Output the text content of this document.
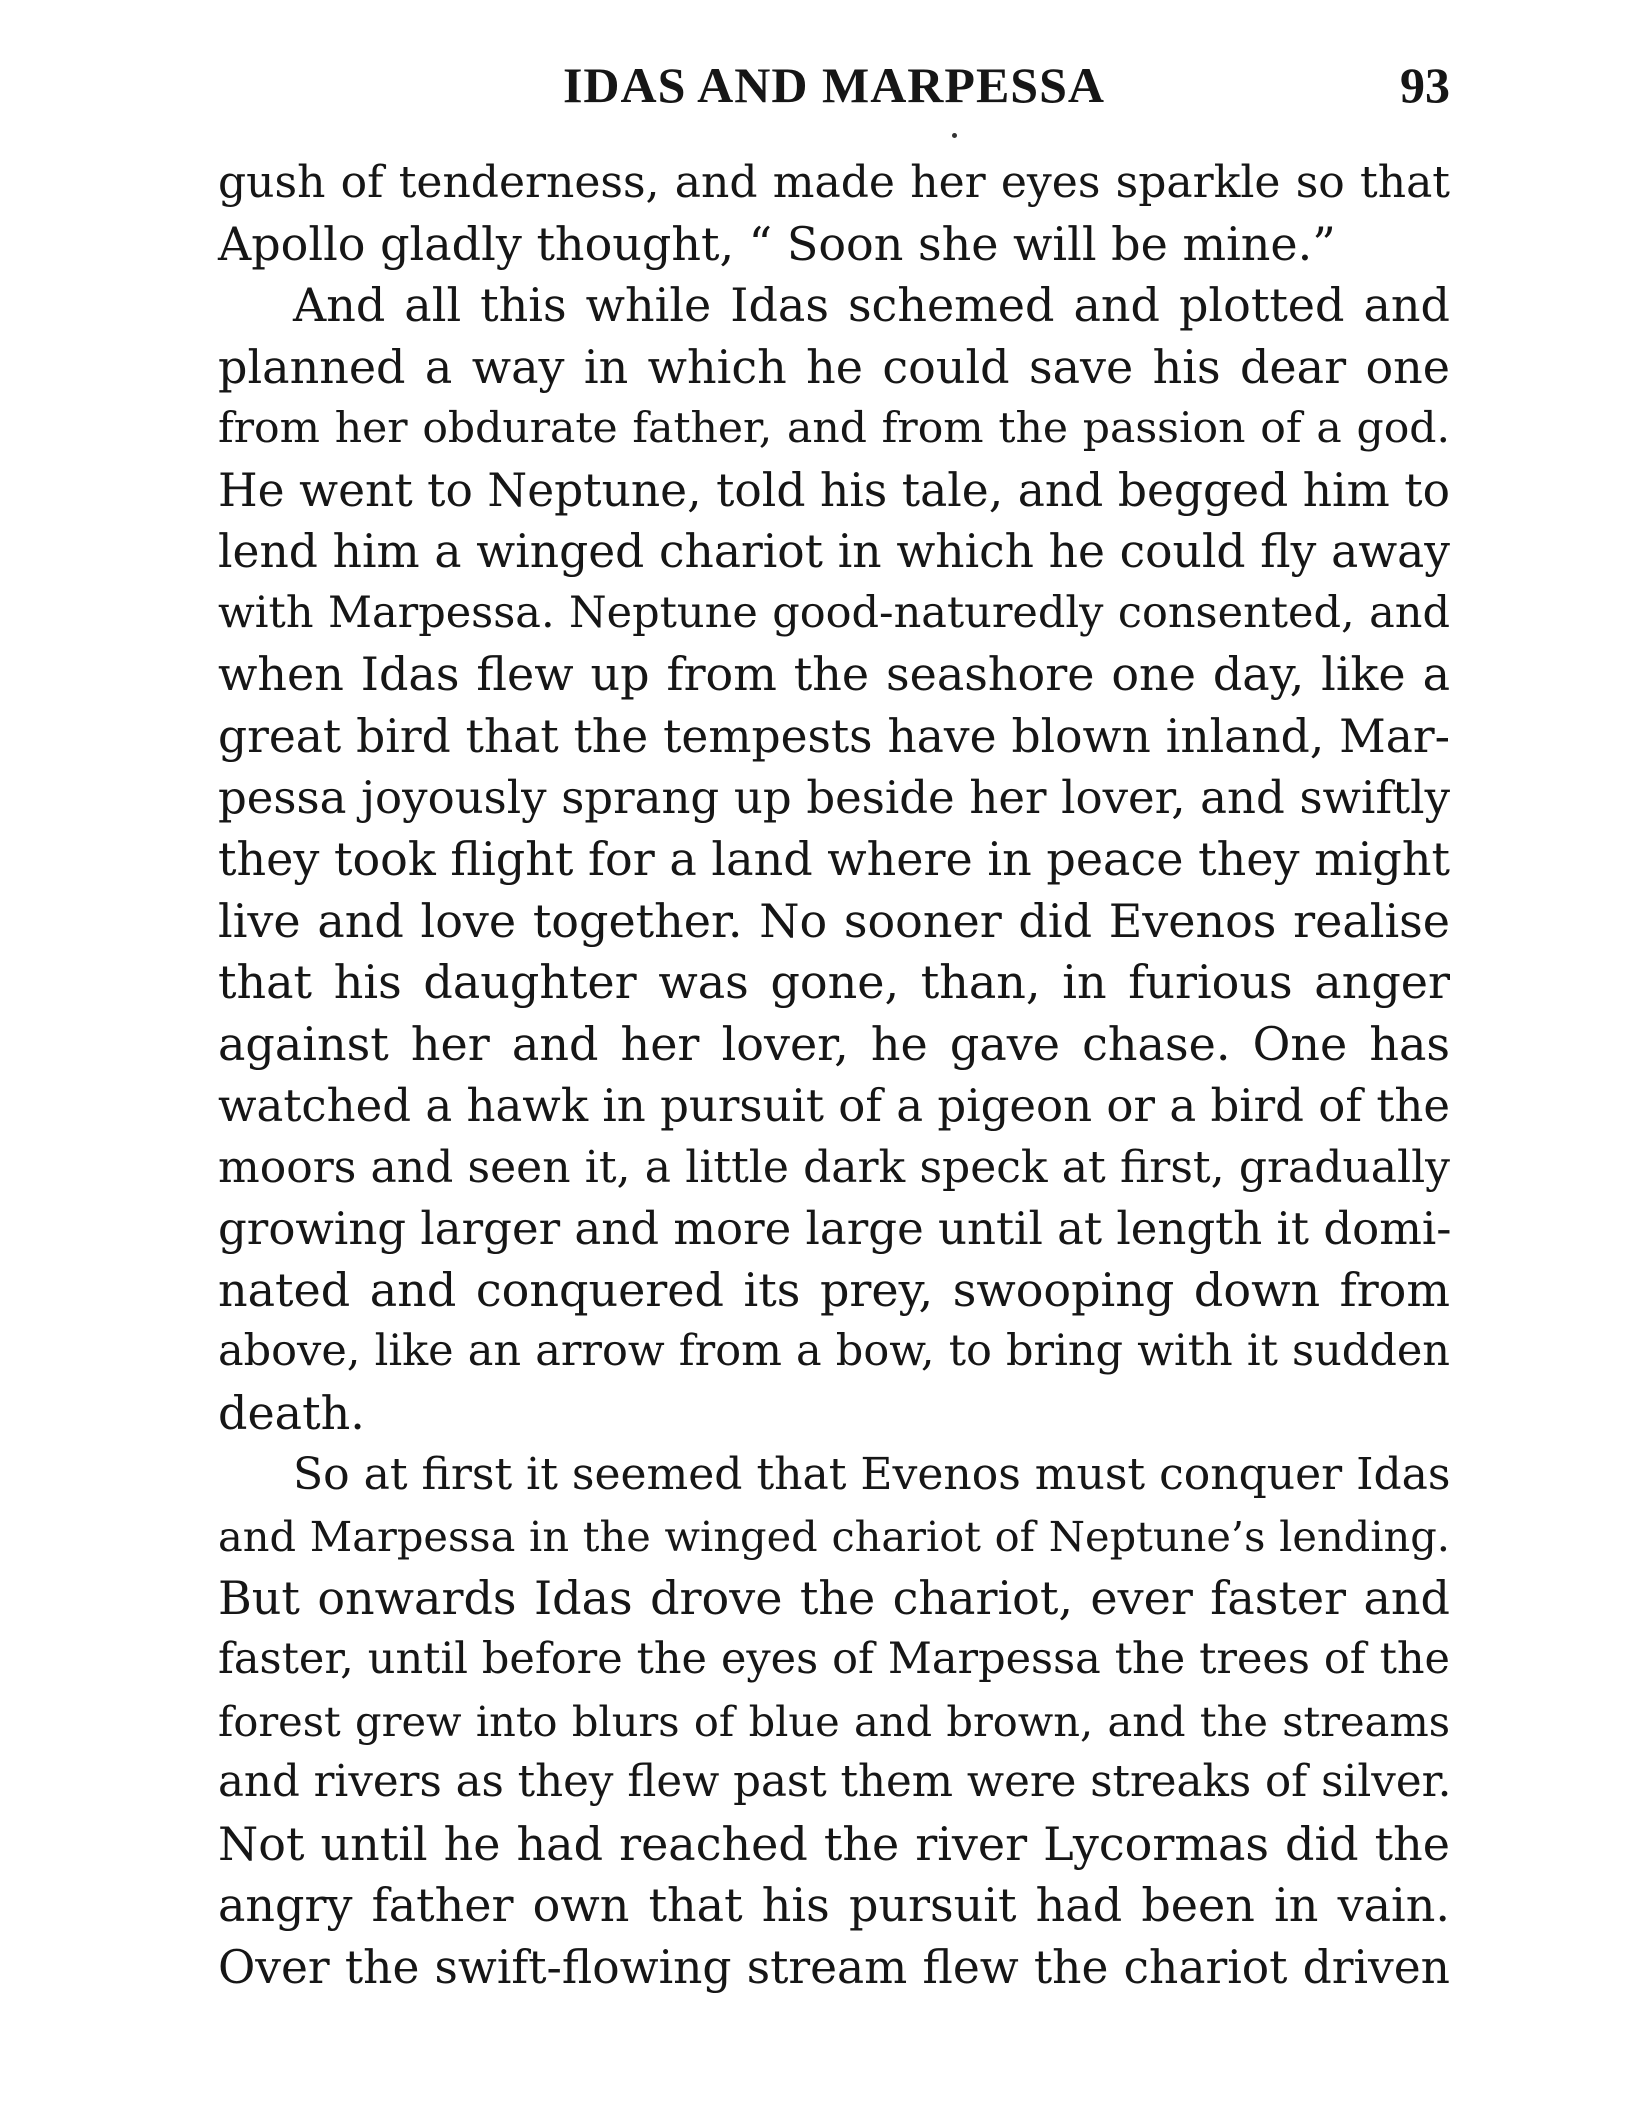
IDAS AND MARPESSA	93
gush of tenderness, and made her eyes sparkle so that
Apollo gladly thought, “ Soon she will be mine.”
And all this while Idas schemed and plotted and
planned a way in which he could save his dear one
from her obdurate father, and from the passion of a god.
He went to Neptune, told his tale, and begged him to
lend him a winged chariot in which he could fly away
with Marpessa. Neptune good-naturedly consented, and
when Idas flew up from the seashore one day, like a
great bird that the tempests have blown inland, Mar-
pessa joyously sprang up beside her lover, and swiftly
they took flight for a land where in peace they might
live and love together. No sooner did Evenos realise
that his daughter was gone, than, in furious anger
against her and her lover, he gave chase. One has
watched a hawk in pursuit of a pigeon or a bird of the
moors and seen it, a little dark speck at first, gradually
growing larger and more large until at length it domi-
nated and conquered its prey, swooping down from
above, like an arrow from a bow, to bring with it sudden
death.
So at first it seemed that Evenos must conquer Idas
and Marpessa in the winged chariot of Neptune’s lending.
But onwards Idas drove the chariot, ever faster and
faster, until before the eyes of Marpessa the trees of the
forest grew into blurs of blue and brown, and the streams
and rivers as they flew past them were streaks of silver.
Not until he had reached the river Lycormas did the
angry father own that his pursuit had been in vain.
Over the swift-flowing stream flew the chariot driven
